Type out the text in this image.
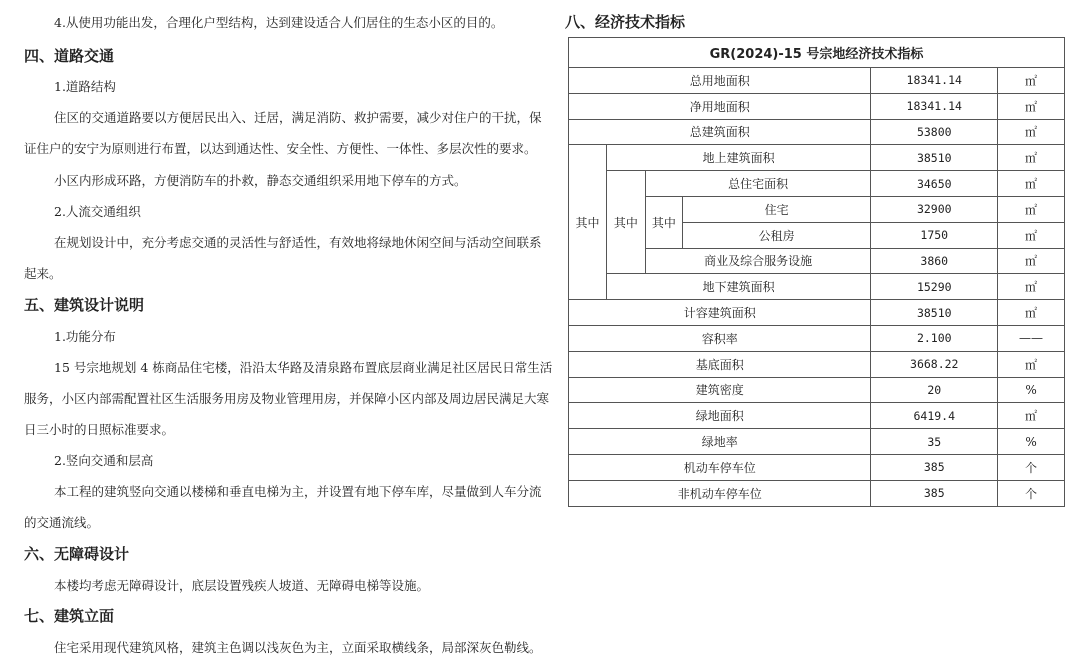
4.从使用功能出发，合理化户型结构，达到建设适合人们居住的生态小区的目的。
四、道路交通
1.道路结构
住区的交通道路要以方便居民出入、迁居，满足消防、救护需要，减少对住户的干扰，保
证住户的安宁为原则进行布置，以达到通达性、安全性、方便性、一体性、多层次性的要求。
小区内形成环路，方便消防车的扑救，静态交通组织采用地下停车的方式。
2.人流交通组织
在规划设计中，充分考虑交通的灵活性与舒适性，有效地将绿地休闲空间与活动空间联系
起来。
五、建筑设计说明
1.功能分布
15 号宗地规划 4 栋商品住宅楼，沿沿太华路及清泉路布置底层商业满足社区居民日常生活
服务，小区内部需配置社区生活服务用房及物业管理用房，并保障小区内部及周边居民满足大寒
日三小时的日照标准要求。
2.竖向交通和层高
本工程的建筑竖向交通以楼梯和垂直电梯为主，并设置有地下停车库，尽量做到人车分流
的交通流线。
六、无障碍设计
本楼均考虑无障碍设计，底层设置残疾人坡道、无障碍电梯等设施。
七、建筑立面
住宅采用现代建筑风格，建筑主色调以浅灰色为主，立面采取横线条，局部深灰色勒线。
八、经济技术指标
GR(2024)-15 号宗地经济技术指标					
总用地面积				18341.14	㎡
净用地面积				18341.14	㎡
总建筑面积				53800	㎡
其中	地上建筑面积			38510	㎡
	其中	总住宅面积		34650	㎡
		其中	住宅	32900	㎡
			公租房	1750	㎡
		商业及综合服务设施		3860	㎡
	地下建筑面积			15290	㎡
计容建筑面积				38510	㎡
容积率				2.100	——
基底面积				3668.22	㎡
建筑密度				20	%
绿地面积				6419.4	㎡
绿地率				35	%
机动车停车位				385	个
非机动车停车位				385	个
